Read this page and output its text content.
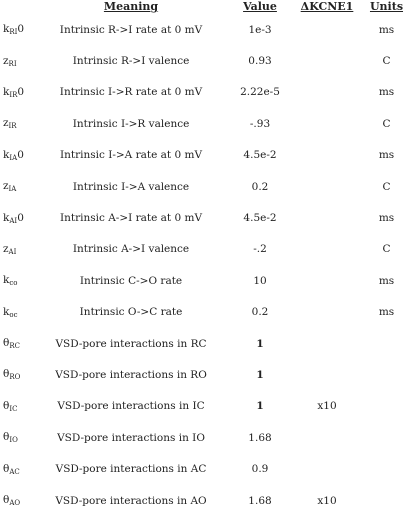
	Meaning	Value	ΔKCNE1	Units
$k_{RI}0$	Intrinsic R->I rate at 0 mV	1e-3		ms
$z_{RI}$	Intrinsic R->I valence	0.93		C
$k_{IR}0$	Intrinsic I->R rate at 0 mV	2.22e-5		ms
$z_{IR}$	Intrinsic I->R valence	-.93		C
$k_{IA}0$	Intrinsic I->A rate at 0 mV	4.5e-2		ms
$z_{IA}$	Intrinsic I->A valence	0.2		C
$k_{AI}0$	Intrinsic A->I rate at 0 mV	4.5e-2		ms
$z_{AI}$	Intrinsic A->I valence	-.2		C
$k_{co}$	Intrinsic C->O rate	10		ms
$k_{oc}$	Intrinsic O->C rate	0.2		ms
$\theta_{RC}$	VSD-pore interactions in RC	1		
$\theta_{RO}$	VSD-pore interactions in RO	1		
$\theta_{IC}$	VSD-pore interactions in IC	1	x10	
$\theta_{IO}$	VSD-pore interactions in IO	1.68		
$\theta_{AC}$	VSD-pore interactions in AC	0.9		
$\theta_{AO}$	VSD-pore interactions in AO	1.68	x10	
